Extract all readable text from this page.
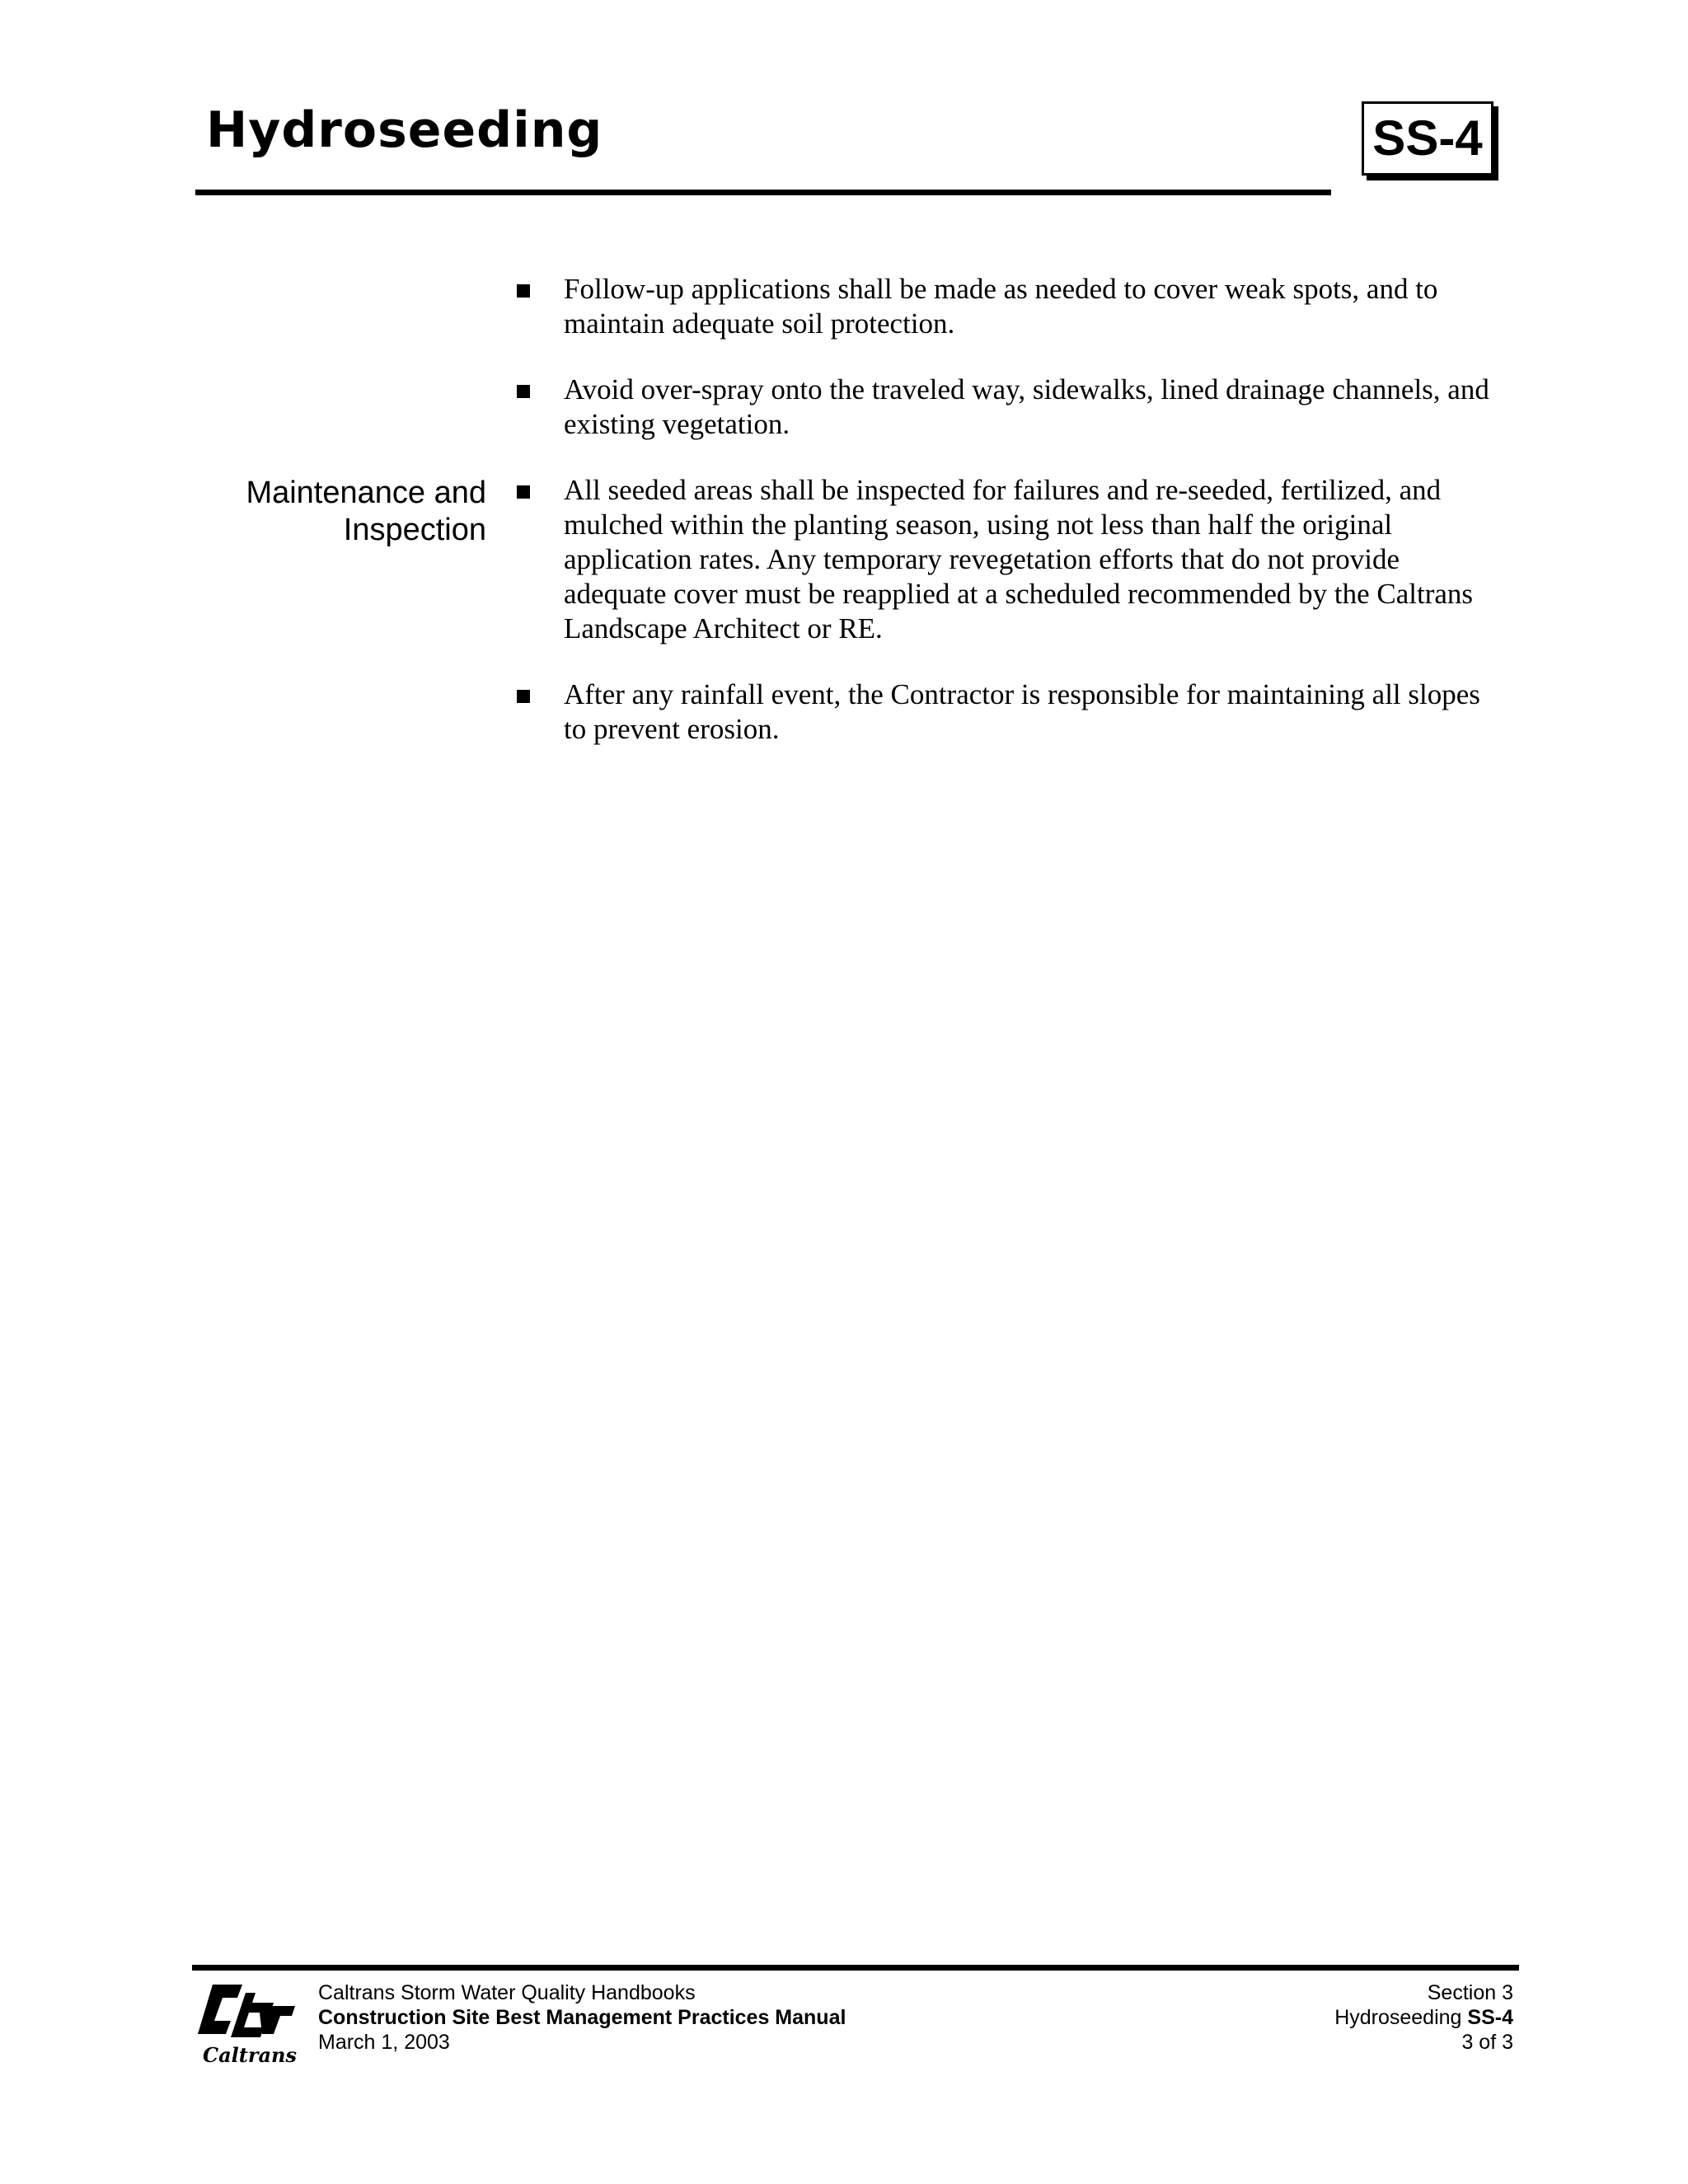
Hydroseeding	SS-4
Follow-up applications shall be made as needed to cover weak spots, and to maintain adequate soil protection.
Avoid over-spray onto the traveled way, sidewalks, lined drainage channels, and existing vegetation.
All seeded areas shall be inspected for failures and re-seeded, fertilized, and mulched within the planting season, using not less than half the original application rates. Any temporary revegetation efforts that do not provide adequate cover must be reapplied at a scheduled recommended by the Caltrans Landscape Architect or RE.
After any rainfall event, the Contractor is responsible for maintaining all slopes to prevent erosion.
Maintenance and Inspection
Caltrans
Caltrans Storm Water Quality Handbooks
Construction Site Best Management Practices Manual
March 1, 2003
Section 3
Hydroseeding SS-4
3 of 3
